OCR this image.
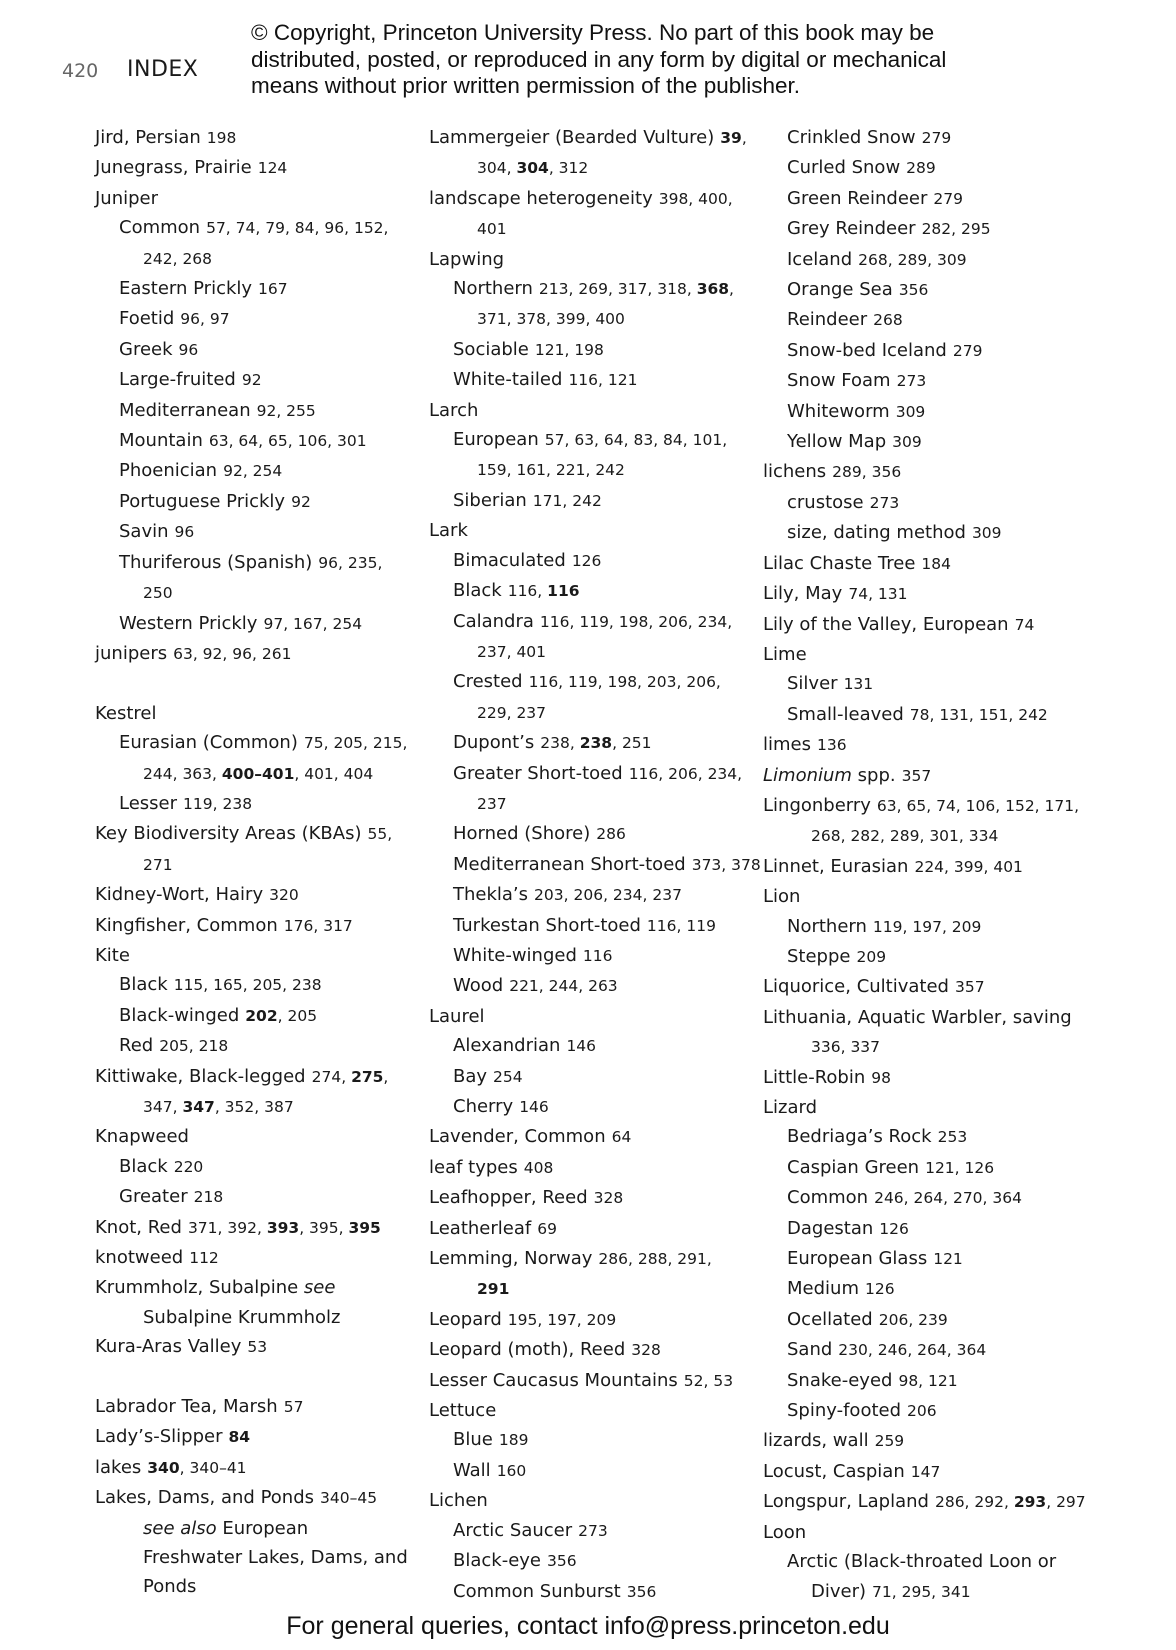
420 INDEX
© Copyright, Princeton University Press. No part of this book may be
distributed, posted, or reproduced in any form by digital or mechanical
means without prior written permission of the publisher.
Jird, Persian 198
Junegrass, Prairie 124
Juniper
Common 57, 74, 79, 84, 96, 152,
242, 268
Eastern Prickly 167
Foetid 96, 97
Greek 96
Large-fruited 92
Mediterranean 92, 255
Mountain 63, 64, 65, 106, 301
Phoenician 92, 254
Portuguese Prickly 92
Savin 96
Thuriferous (Spanish) 96, 235,
250
Western Prickly 97, 167, 254
junipers 63, 92, 96, 261
Kestrel
Eurasian (Common) 75, 205, 215,
244, 363, 400–401, 401, 404
Lesser 119, 238
Key Biodiversity Areas (KBAs) 55,
271
Kidney-Wort, Hairy 320
Kingfisher, Common 176, 317
Kite
Black 115, 165, 205, 238
Black-winged 202, 205
Red 205, 218
Kittiwake, Black-legged 274, 275,
347, 347, 352, 387
Knapweed
Black 220
Greater 218
Knot, Red 371, 392, 393, 395, 395
knotweed 112
Krummholz, Subalpine see
Subalpine Krummholz
Kura-Aras Valley 53
Labrador Tea, Marsh 57
Lady’s-Slipper 84
lakes 340, 340–41
Lakes, Dams, and Ponds 340–45
see also European
Freshwater Lakes, Dams, and
Ponds
Lammergeier (Bearded Vulture) 39,
304, 304, 312
landscape heterogeneity 398, 400,
401
Lapwing
Northern 213, 269, 317, 318, 368,
371, 378, 399, 400
Sociable 121, 198
White-tailed 116, 121
Larch
European 57, 63, 64, 83, 84, 101,
159, 161, 221, 242
Siberian 171, 242
Lark
Bimaculated 126
Black 116, 116
Calandra 116, 119, 198, 206, 234,
237, 401
Crested 116, 119, 198, 203, 206,
229, 237
Dupont’s 238, 238, 251
Greater Short-toed 116, 206, 234,
237
Horned (Shore) 286
Mediterranean Short-toed 373, 378
Thekla’s 203, 206, 234, 237
Turkestan Short-toed 116, 119
White-winged 116
Wood 221, 244, 263
Laurel
Alexandrian 146
Bay 254
Cherry 146
Lavender, Common 64
leaf types 408
Leafhopper, Reed 328
Leatherleaf 69
Lemming, Norway 286, 288, 291,
291
Leopard 195, 197, 209
Leopard (moth), Reed 328
Lesser Caucasus Mountains 52, 53
Lettuce
Blue 189
Wall 160
Lichen
Arctic Saucer 273
Black-eye 356
Common Sunburst 356
Crinkled Snow 279
Curled Snow 289
Green Reindeer 279
Grey Reindeer 282, 295
Iceland 268, 289, 309
Orange Sea 356
Reindeer 268
Snow-bed Iceland 279
Snow Foam 273
Whiteworm 309
Yellow Map 309
lichens 289, 356
crustose 273
size, dating method 309
Lilac Chaste Tree 184
Lily, May 74, 131
Lily of the Valley, European 74
Lime
Silver 131
Small-leaved 78, 131, 151, 242
limes 136
Limonium spp. 357
Lingonberry 63, 65, 74, 106, 152, 171,
268, 282, 289, 301, 334
Linnet, Eurasian 224, 399, 401
Lion
Northern 119, 197, 209
Steppe 209
Liquorice, Cultivated 357
Lithuania, Aquatic Warbler, saving
336, 337
Little-Robin 98
Lizard
Bedriaga’s Rock 253
Caspian Green 121, 126
Common 246, 264, 270, 364
Dagestan 126
European Glass 121
Medium 126
Ocellated 206, 239
Sand 230, 246, 264, 364
Snake-eyed 98, 121
Spiny-footed 206
lizards, wall 259
Locust, Caspian 147
Longspur, Lapland 286, 292, 293, 297
Loon
Arctic (Black-throated Loon or
Diver) 71, 295, 341
For general queries, contact info@press.princeton.edu
